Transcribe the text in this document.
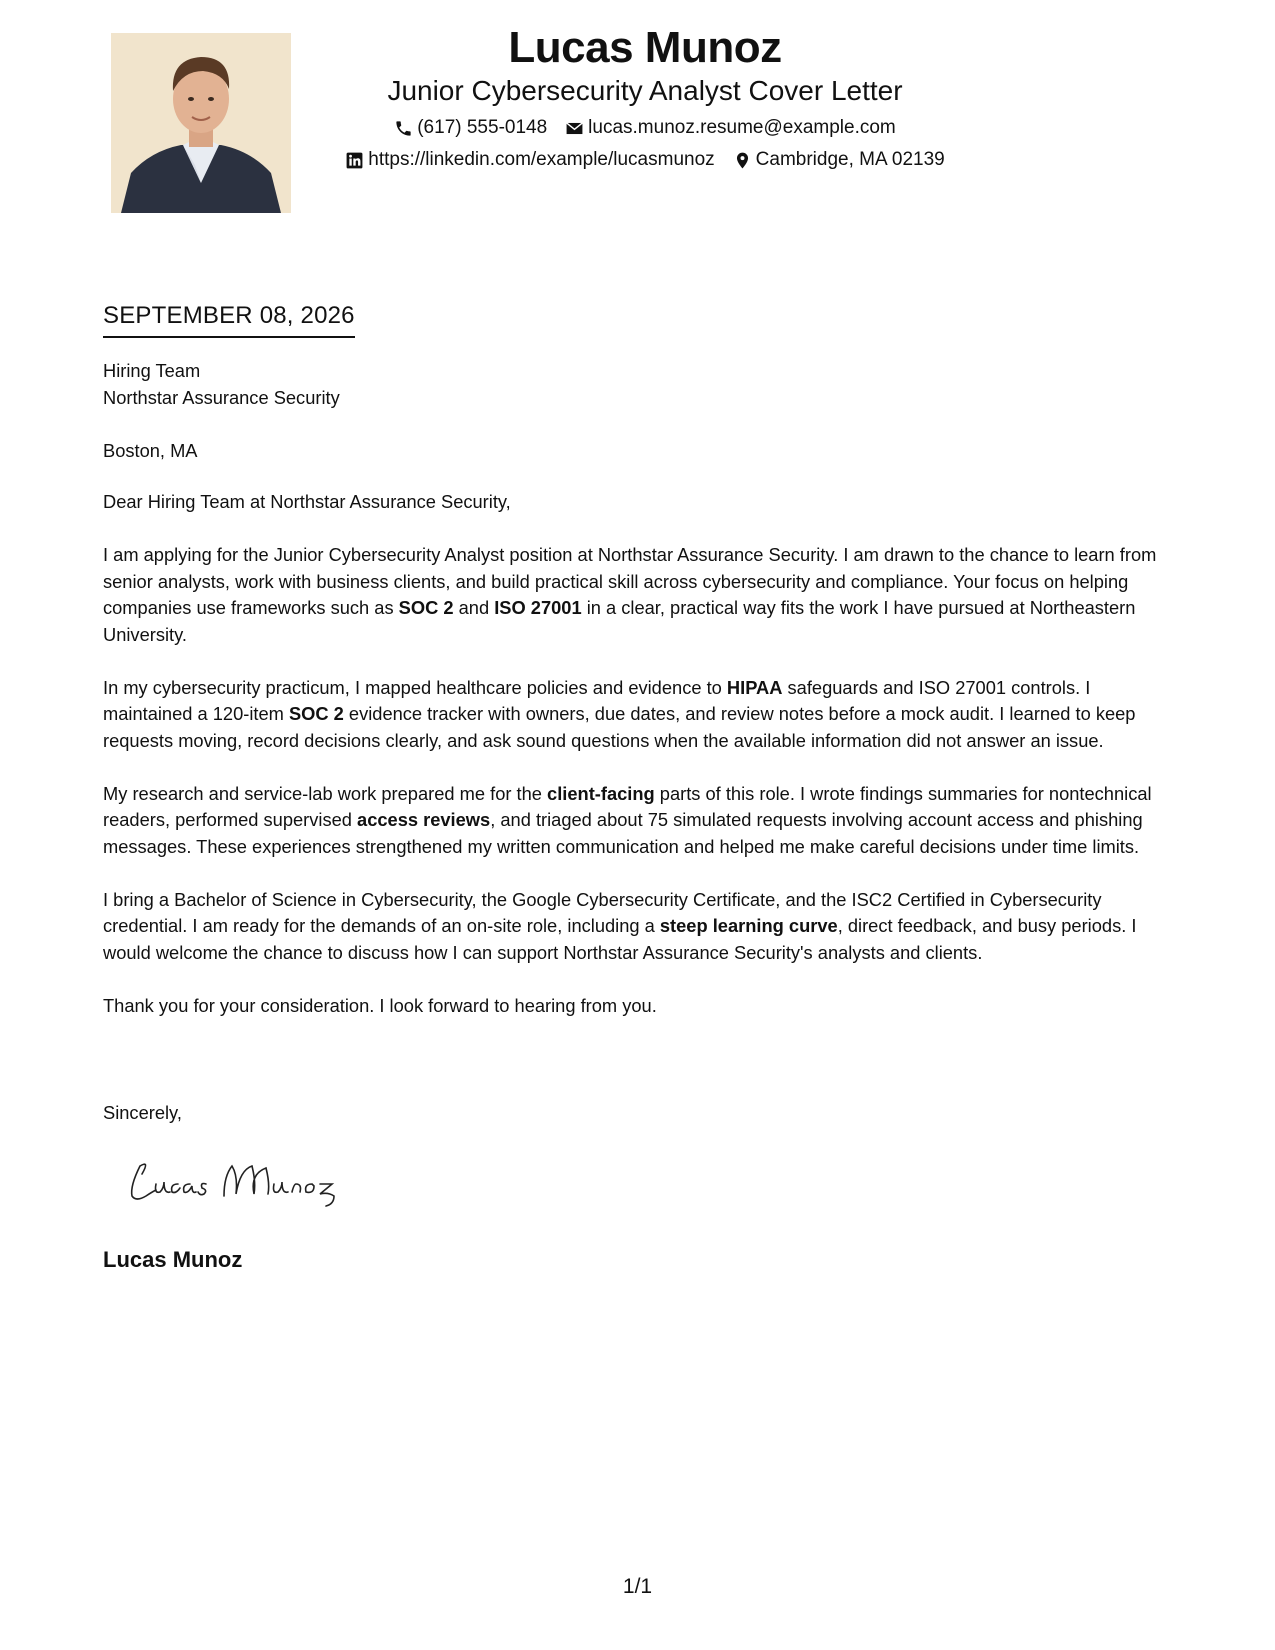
Lucas Munoz
Junior Cybersecurity Analyst Cover Letter
(617) 555-0148 lucas.munoz.resume@example.com
https://linkedin.com/example/lucasmunoz Cambridge, MA 02139
SEPTEMBER 08, 2026

Hiring Team

Northstar Assurance Security

Boston, MA

Dear Hiring Team at Northstar Assurance Security,

I am applying for the Junior Cybersecurity Analyst position at Northstar Assurance Security. I am drawn to the chance to learn from senior analysts, work with business clients, and build practical skill across cybersecurity and compliance. Your focus on helping companies use frameworks such as SOC 2 and ISO 27001 in a clear, practical way fits the work I have pursued at Northeastern University.

In my cybersecurity practicum, I mapped healthcare policies and evidence to HIPAA safeguards and ISO 27001 controls. I maintained a 120-item SOC 2 evidence tracker with owners, due dates, and review notes before a mock audit. I learned to keep requests moving, record decisions clearly, and ask sound questions when the available information did not answer an issue.

My research and service-lab work prepared me for the client-facing parts of this role. I wrote findings summaries for nontechnical readers, performed supervised access reviews, and triaged about 75 simulated requests involving account access and phishing messages. These experiences strengthened my written communication and helped me make careful decisions under time limits.

I bring a Bachelor of Science in Cybersecurity, the Google Cybersecurity Certificate, and the ISC2 Certified in Cybersecurity credential. I am ready for the demands of an on-site role, including a steep learning curve, direct feedback, and busy periods. I would welcome the chance to discuss how I can support Northstar Assurance Security's analysts and clients.

Thank you for your consideration. I look forward to hearing from you.

Sincerely,
Lucas Munoz
1/1
